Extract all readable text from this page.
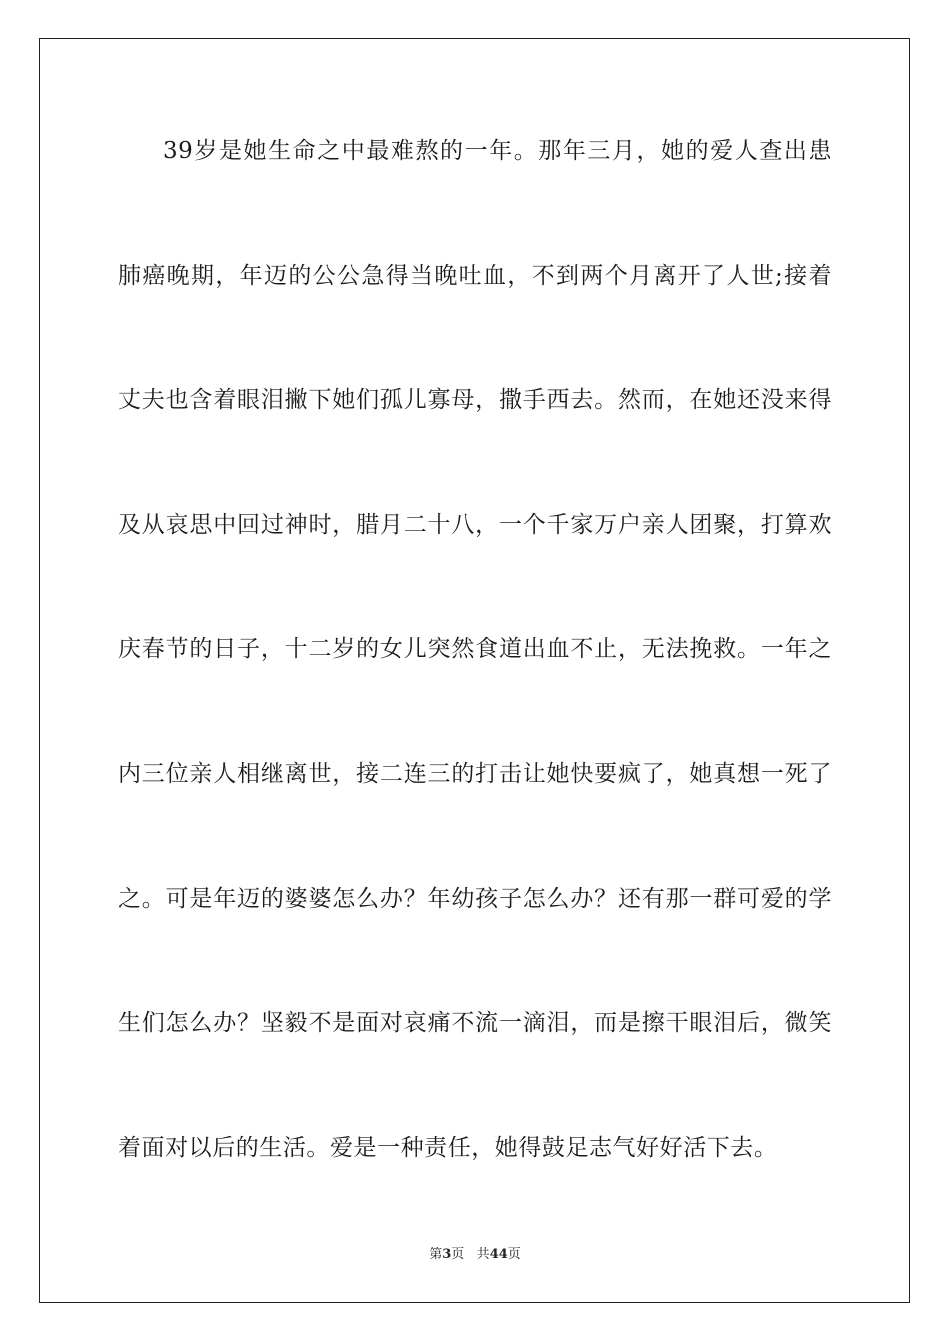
39岁是她生命之中最难熬的一年。那年三月，她的爱人查出患
肺癌晚期，年迈的公公急得当晚吐血，不到两个月离开了人世;接着
丈夫也含着眼泪撇下她们孤儿寡母，撒手西去。然而，在她还没来得
及从哀思中回过神时，腊月二十八，一个千家万户亲人团聚，打算欢
庆春节的日子，十二岁的女儿突然食道出血不止，无法挽救。一年之
内三位亲人相继离世，接二连三的打击让她快要疯了，她真想一死了
之。可是年迈的婆婆怎么办？年幼孩子怎么办？还有那一群可爱的学
生们怎么办？坚毅不是面对哀痛不流一滴泪，而是擦干眼泪后，微笑
着面对以后的生活。爱是一种责任，她得鼓足志气好好活下去。
第3页 共44页
